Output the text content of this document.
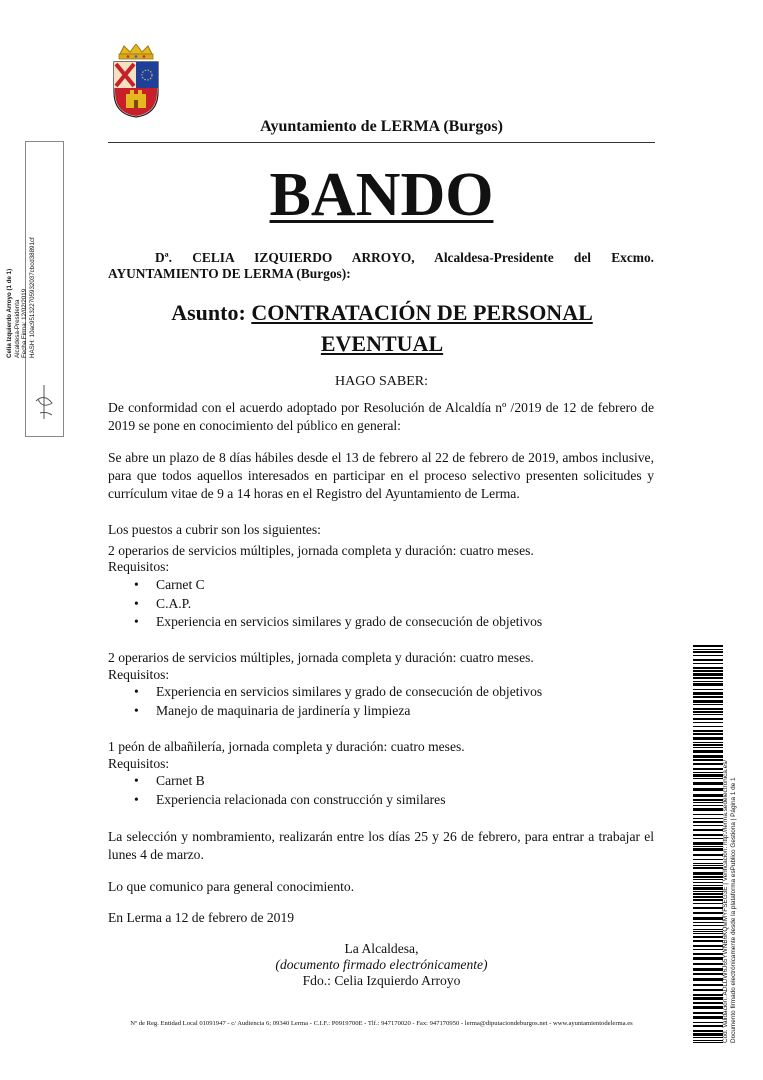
Ayuntamiento de LERMA (Burgos)
BANDO
Dª. CELIA IZQUIERDO ARROYO, Alcaldesa-Presidente del Excmo. AYUNTAMIENTO DE LERMA (Burgos):
Asunto: CONTRATACIÓN DE PERSONAL
EVENTUAL
HAGO SABER:
De conformidad con el acuerdo adoptado por Resolución de Alcaldía nº /2019 de 12 de febrero de 2019 se pone en conocimiento del público en general:
Se abre un plazo de 8 días hábiles desde el 13 de febrero al 22 de febrero de 2019, ambos inclusive, para que todos aquellos interesados en participar en el proceso selectivo presenten solicitudes y currículum vitae de 9 a 14 horas en el Registro del Ayuntamiento de Lerma.
Los puestos a cubrir son los siguientes:
2 operarios de servicios múltiples, jornada completa y duración: cuatro meses.
Requisitos:
• Carnet C
• C.A.P.
• Experiencia en servicios similares y grado de consecución de objetivos
2 operarios de servicios múltiples, jornada completa y duración: cuatro meses.
Requisitos:
• Experiencia en servicios similares y grado de consecución de objetivos
• Manejo de maquinaria de jardinería y limpieza
1 peón de albañilería, jornada completa y duración: cuatro meses.
Requisitos:
• Carnet B
• Experiencia relacionada con construcción y similares
La selección y nombramiento, realizarán entre los días 25 y 26 de febrero, para entrar a trabajar el lunes 4 de marzo.
Lo que comunico para general conocimiento.
En Lerma a 12 de febrero de 2019
La Alcaldesa,
(documento firmado electrónicamente)
Fdo.: Celia Izquierdo Arroyo
Nº de Reg. Entidad Local 01091947 - c/ Audiencia 6; 09340 Lerma - C.I.F.: P0919700E - Tlf.: 947170020 - Fax: 947170950 - lerma@diputaciondeburgos.net - www.ayuntamientodelerma.es
Celia Izquierdo Arroyo (1 de 1) Alcaldesa-Presidenta Fecha Firma: 12/02/2019 HASH: 10ac951322705932037cbcd38891cf
Cód. Validación: ADLDW6J65YWNB6KQMMYFSEG3E | Verificación: http://lerma.sedelectronica.es/ Documento firmado electrónicamente desde la plataforma esPublico Gestiona | Página 1 de 1
